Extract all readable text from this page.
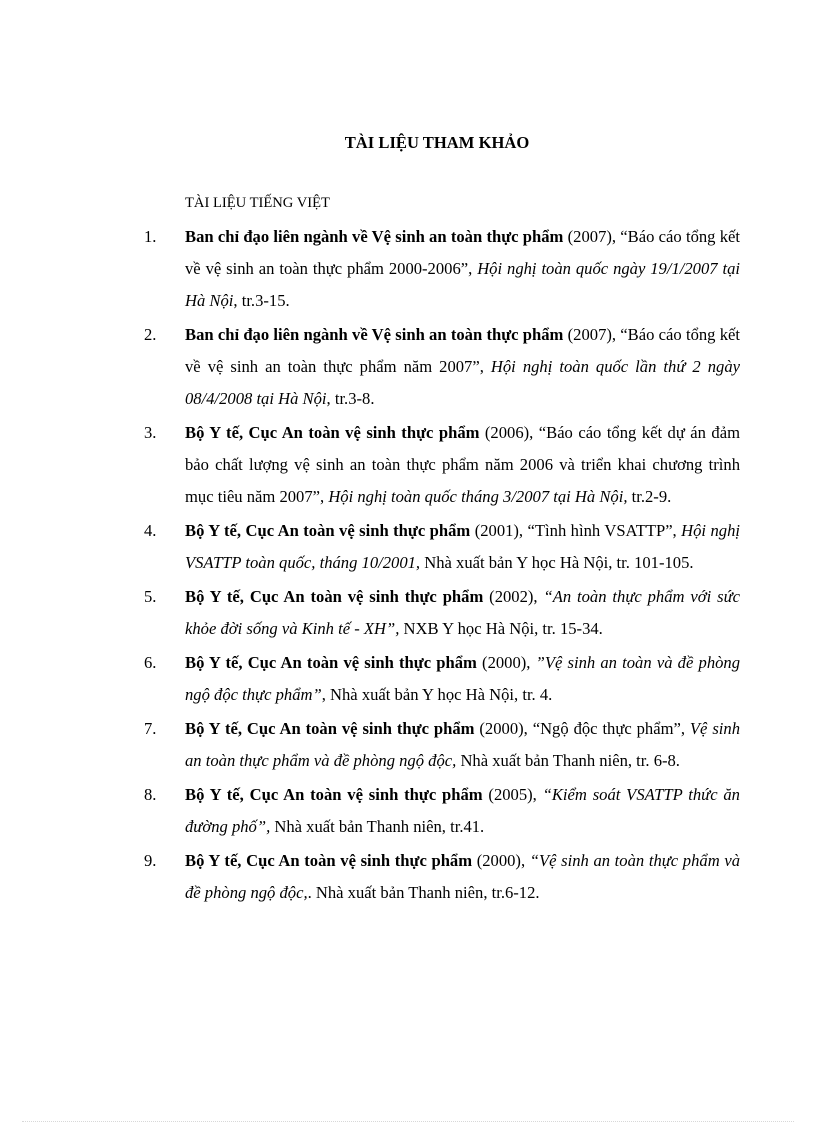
TÀI LIỆU THAM KHẢO
TÀI LIỆU TIẾNG VIỆT
1.	Ban chỉ đạo liên ngành về Vệ sinh an toàn thực phẩm (2007), “Báo cáo tổng kết về vệ sinh an toàn thực phẩm 2000-2006”, Hội nghị toàn quốc ngày 19/1/2007 tại Hà Nội, tr.3-15.
2.	Ban chỉ đạo liên ngành về Vệ sinh an toàn thực phẩm (2007), “Báo cáo tổng kết về vệ sinh an toàn thực phẩm năm 2007”, Hội nghị toàn quốc lần thứ 2 ngày 08/4/2008 tại Hà Nội, tr.3-8.
3.	Bộ Y tế, Cục An toàn vệ sinh thực phẩm (2006), “Báo cáo tổng kết dự án đảm bảo chất lượng vệ sinh an toàn thực phẩm năm 2006 và triển khai chương trình mục tiêu năm 2007”, Hội nghị toàn quốc tháng 3/2007 tại Hà Nội, tr.2-9.
4.	Bộ Y tế, Cục An toàn vệ sinh thực phẩm (2001), “Tình hình VSATTP”, Hội nghị VSATTP toàn quốc, tháng 10/2001, Nhà xuất bản Y học Hà Nội, tr. 101-105.
5.	Bộ Y tế, Cục An toàn vệ sinh thực phẩm (2002), “An toàn thực phẩm với sức khỏe đời sống và Kinh tế - XH”, NXB Y học Hà Nội, tr. 15-34.
6.	Bộ Y tế, Cục An toàn vệ sinh thực phẩm (2000), ”Vệ sinh an toàn và đề phòng ngộ độc thực phẩm”, Nhà xuất bản Y học Hà Nội, tr. 4.
7.	Bộ Y tế, Cục An toàn vệ sinh thực phẩm (2000), “Ngộ độc thực phẩm”, Vệ sinh an toàn thực phẩm và đề phòng ngộ độc, Nhà xuất bản Thanh niên, tr. 6-8.
8.	Bộ Y tế, Cục An toàn vệ sinh thực phẩm (2005), “Kiểm soát VSATTP thức ăn đường phố”, Nhà xuất bản Thanh niên, tr.41.
9.	Bộ Y tế, Cục An toàn vệ sinh thực phẩm (2000), “Vệ sinh an toàn thực phẩm và đề phòng ngộ độc,. Nhà xuất bản Thanh niên, tr.6-12.
